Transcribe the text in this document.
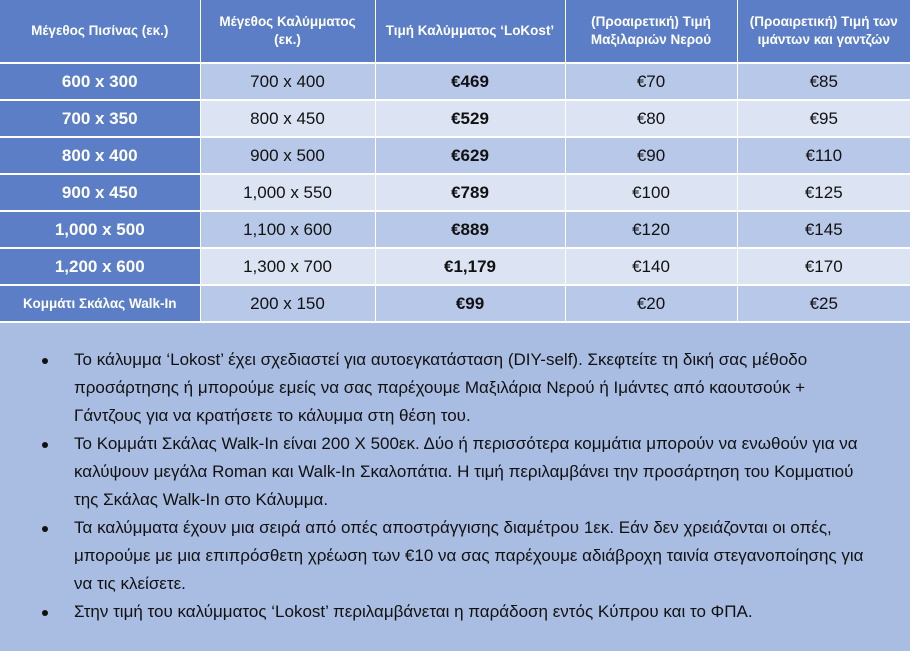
Μέγεθος Πισίνας (εκ.)	Μέγεθος Καλύμματος (εκ.)	Τιμή Καλύμματος ‘LoKost’	(Προαιρετική) Τιμή Μαξιλαριών Νερού	(Προαιρετική) Τιμή των ιμάντων και γαντζών
600 x 300	700 x 400	€469	€70	€85
700 x 350	800 x 450	€529	€80	€95
800 x 400	900 x 500	€629	€90	€110
900 x 450	1,000 x 550	€789	€100	€125
1,000 x 500	1,100 x 600	€889	€120	€145
1,200 x 600	1,300 x 700	€1,179	€140	€170
Κομμάτι Σκάλας Walk-In	200 x 150	€99	€20	€25
Το κάλυμμα ‘Lokost’ έχει σχεδιαστεί για αυτοεγκατάσταση (DIY-self). Σκεφτείτε τη δική σας μέθοδο προσάρτησης ή μπορούμε εμείς να σας παρέχουμε Μαξιλάρια Νερού ή Ιμάντες από καουτσούκ + Γάντζους για να κρατήσετε το κάλυμμα στη θέση του.
Το Κομμάτι Σκάλας Walk-In είναι 200 Χ 500εκ. Δύο ή περισσότερα κομμάτια μπορούν να ενωθούν για να καλύψουν μεγάλα Roman και Walk-In Σκαλοπάτια. Η τιμή περιλαμβάνει την προσάρτηση του Κομματιού της Σκάλας Walk-In στο Κάλυμμα.
Τα καλύμματα έχουν μια σειρά από οπές αποστράγγισης διαμέτρου 1εκ. Εάν δεν χρειάζονται οι οπές, μπορούμε με μια επιπρόσθετη χρέωση των €10 να σας παρέχουμε αδιάβροχη ταινία στεγανοποίησης για να τις κλείσετε.
Στην τιμή του καλύμματος ‘Lokost’ περιλαμβάνεται η παράδοση εντός Κύπρου και το ΦΠΑ.
